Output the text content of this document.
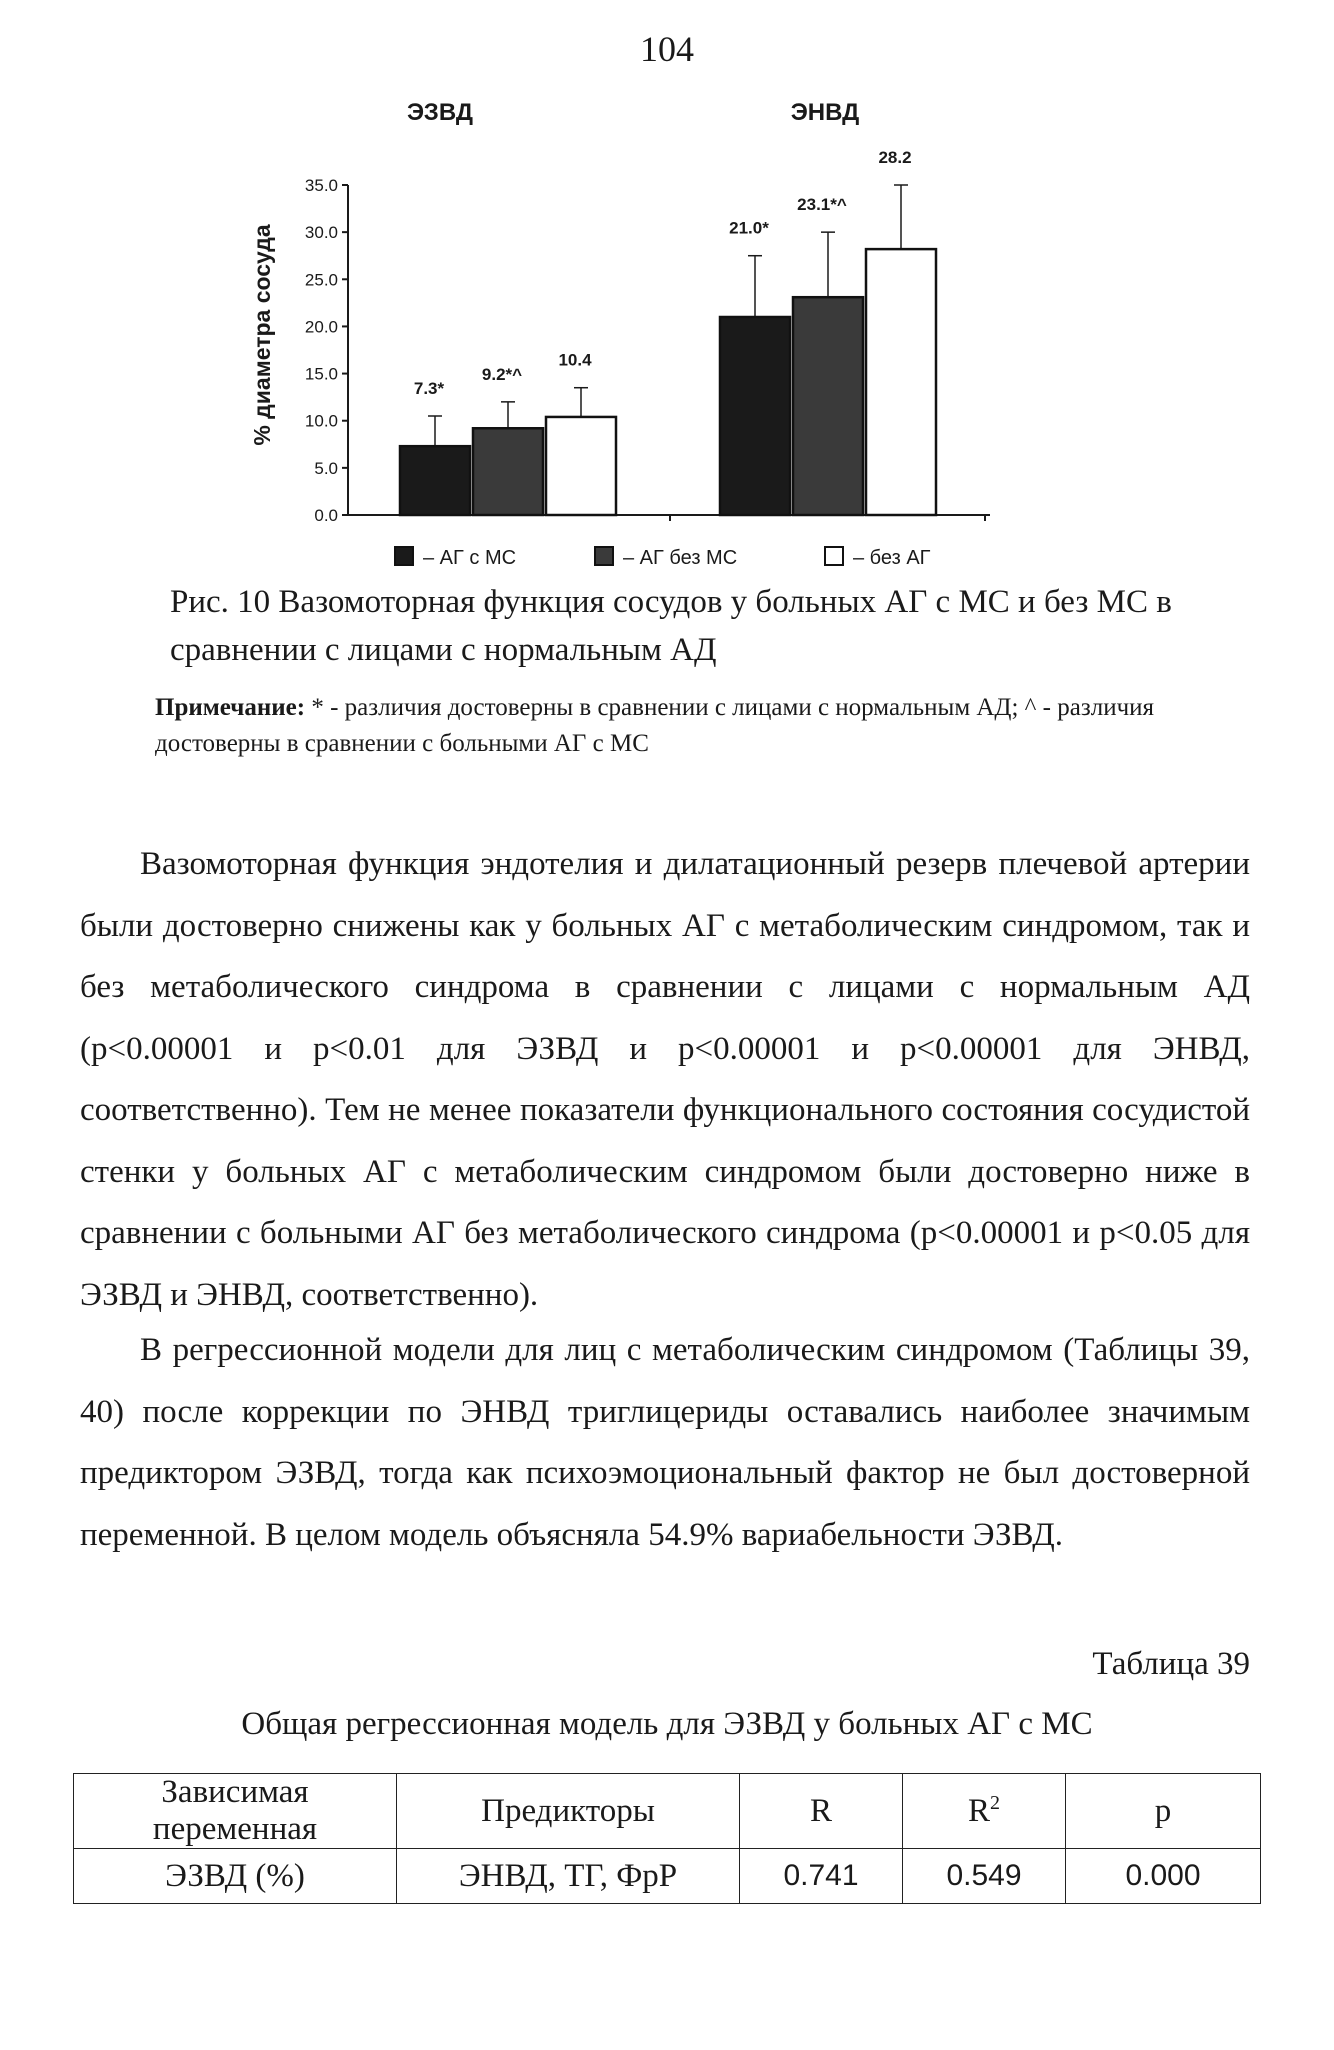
104
ЭЗВД	ЭНВД
% диаметра сосуда
0.0
5.0
10.0
15.0
20.0
25.0
30.0
35.0
7.3*
21.0*
9.2*^
23.1*^
10.4
28.2
– АГ с МС	– АГ без МС	– без АГ
Рис. 10 Вазомоторная функция сосудов у больных АГ с МС и без МС в сравнении с лицами с нормальным АД
Примечание: * - различия достоверны в сравнении с лицами с нормальным АД; ^ - различия достоверны в сравнении с больными АГ с МС
Вазомоторная функция эндотелия и дилатационный резерв плечевой артерии были достоверно снижены как у больных АГ с метаболическим синдромом, так и без метаболического синдрома в сравнении с лицами с нормальным АД (p<0.00001 и p<0.01 для ЭЗВД и p<0.00001 и p<0.00001 для ЭНВД, соответственно). Тем не менее показатели функционального состояния сосудистой стенки у больных АГ с метаболическим синдромом были достоверно ниже в сравнении с больными АГ без метаболического синдрома (p<0.00001 и p<0.05 для ЭЗВД и ЭНВД, соответственно).
В регрессионной модели для лиц с метаболическим синдромом (Таблицы 39, 40) после коррекции по ЭНВД триглицериды оставались наиболее значимым предиктором ЭЗВД, тогда как психоэмоциональный фактор не был достоверной переменной. В целом модель объясняла 54.9% вариабельности ЭЗВД.
Таблица 39
Общая регрессионная модель для ЭЗВД у больных АГ с МС
Зависимая переменная	Предикторы	R	$R^2$	p
ЭЗВД (%)	ЭНВД, ТГ, ФрР	0.741	0.549	0.000
